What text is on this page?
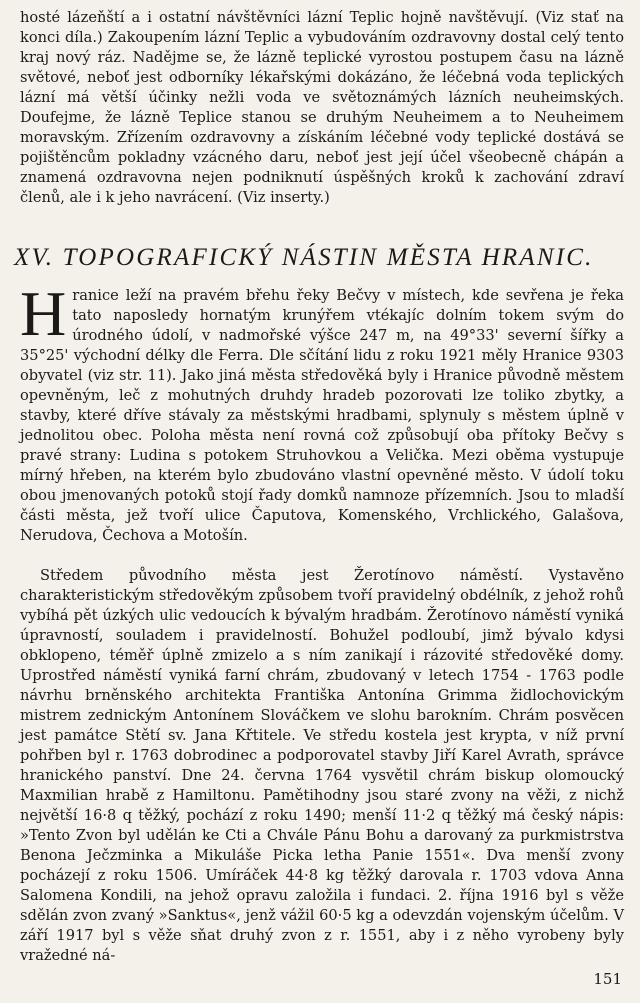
hosté lázeňští a i ostatní návštěvníci lázní Teplic hojně navštěvují. (Viz stať na konci díla.) Zakoupením lázní Teplic a vybudováním ozdravovny dostal celý tento kraj nový ráz. Nadějme se, že lázně teplické vyrostou postupem času na lázně světové, neboť jest odborníky lékařskými dokázáno, že léčebná voda teplických lázní má větší účinky nežli voda ve světoznámých lázních neuheimských. Doufejme, že lázně Teplice stanou se druhým Neuheimem a to Neuheimem moravským. Zřízením ozdravovny a získáním léčebné vody teplické dostává se pojištěncům pokladny vzácného daru, neboť jest její účel všeobecně chápán a znamená ozdravovna nejen podniknutí úspěšných kroků k zachování zdraví členů, ale i k jeho navrácení. (Viz inserty.)
XV. TOPOGRAFICKÝ NÁSTIN MĚSTA HRANIC.
H ranice leží na pravém břehu řeky Bečvy v místech, kde sevřena je řeka tato naposledy hornatým krunýřem vtékajíc dolním tokem svým do úrodného údolí, v nadmořské výšce 247 m, na 49°33' severní šířky a 35°25' východní délky dle Ferra. Dle sčítání lidu z roku 1921 měly Hranice 9303 obyvatel (viz str. 11). Jako jiná města středověká byly i Hranice původně městem opevněným, leč z mohutných druhdy hradeb pozorovati lze toliko zbytky, a stavby, které dříve stávaly za městskými hradbami, splynuly s městem úplně v jednolitou obec. Poloha města není rovná což způsobují oba přítoky Bečvy s pravé strany: Ludina s potokem Struhovkou a Velička. Mezi oběma vystupuje mírný hřeben, na kterém bylo zbudováno vlastní opevněné město. V údolí toku obou jmenovaných potoků stojí řady domků namnoze přízemních. Jsou to mladší části města, jež tvoří ulice Čaputova, Komenského, Vrchlického, Galašova, Nerudova, Čechova a Motošín.
Středem původního města jest Žerotínovo náměstí. Vystavěno charakteristickým středověkým způsobem tvoří pravidelný obdélník, z jehož rohů vybíhá pět úzkých ulic vedoucích k bývalým hradbám. Žerotínovo náměstí vyniká úpravností, souladem i pravidelností. Bohužel podloubí, jimž bývalo kdysi obklopeno, téměř úplně zmizelo a s ním zanikají i rázovité středověké domy. Uprostřed náměstí vyniká farní chrám, zbudovaný v letech 1754 - 1763 podle návrhu brněnského architekta Františka Antonína Grimma židlochovickým mistrem zednickým Antonínem Slováčkem ve slohu barokním. Chrám posvěcen jest památce Stětí sv. Jana Křtitele. Ve středu kostela jest krypta, v níž první pohřben byl r. 1763 dobrodinec a podporovatel stavby Jiří Karel Avrath, správce hranického panství. Dne 24. června 1764 vysvětil chrám biskup olomoucký Maxmilian hrabě z Hamiltonu. Pamětihodny jsou staré zvony na věži, z nichž největší 16·8 q těžký, pochází z roku 1490; menší 11·2 q těžký má český nápis: »Tento Zvon byl udělán ke Cti a Chvále Pánu Bohu a darovaný za purkmistrstva Benona Ječzminka a Mikuláše Picka letha Panie 1551«. Dva menší zvony pocházejí z roku 1506. Umíráček 44·8 kg těžký darovala r. 1703 vdova Anna Salomena Kondili, na jehož opravu založila i fundaci. 2. října 1916 byl s věže sdělán zvon zvaný »Sanktus«, jenž vážil 60·5 kg a odevzdán vojenským účelům. V září 1917 byl s věže sňat druhý zvon z r. 1551, aby i z něho vyrobeny byly vražedné ná-
151
